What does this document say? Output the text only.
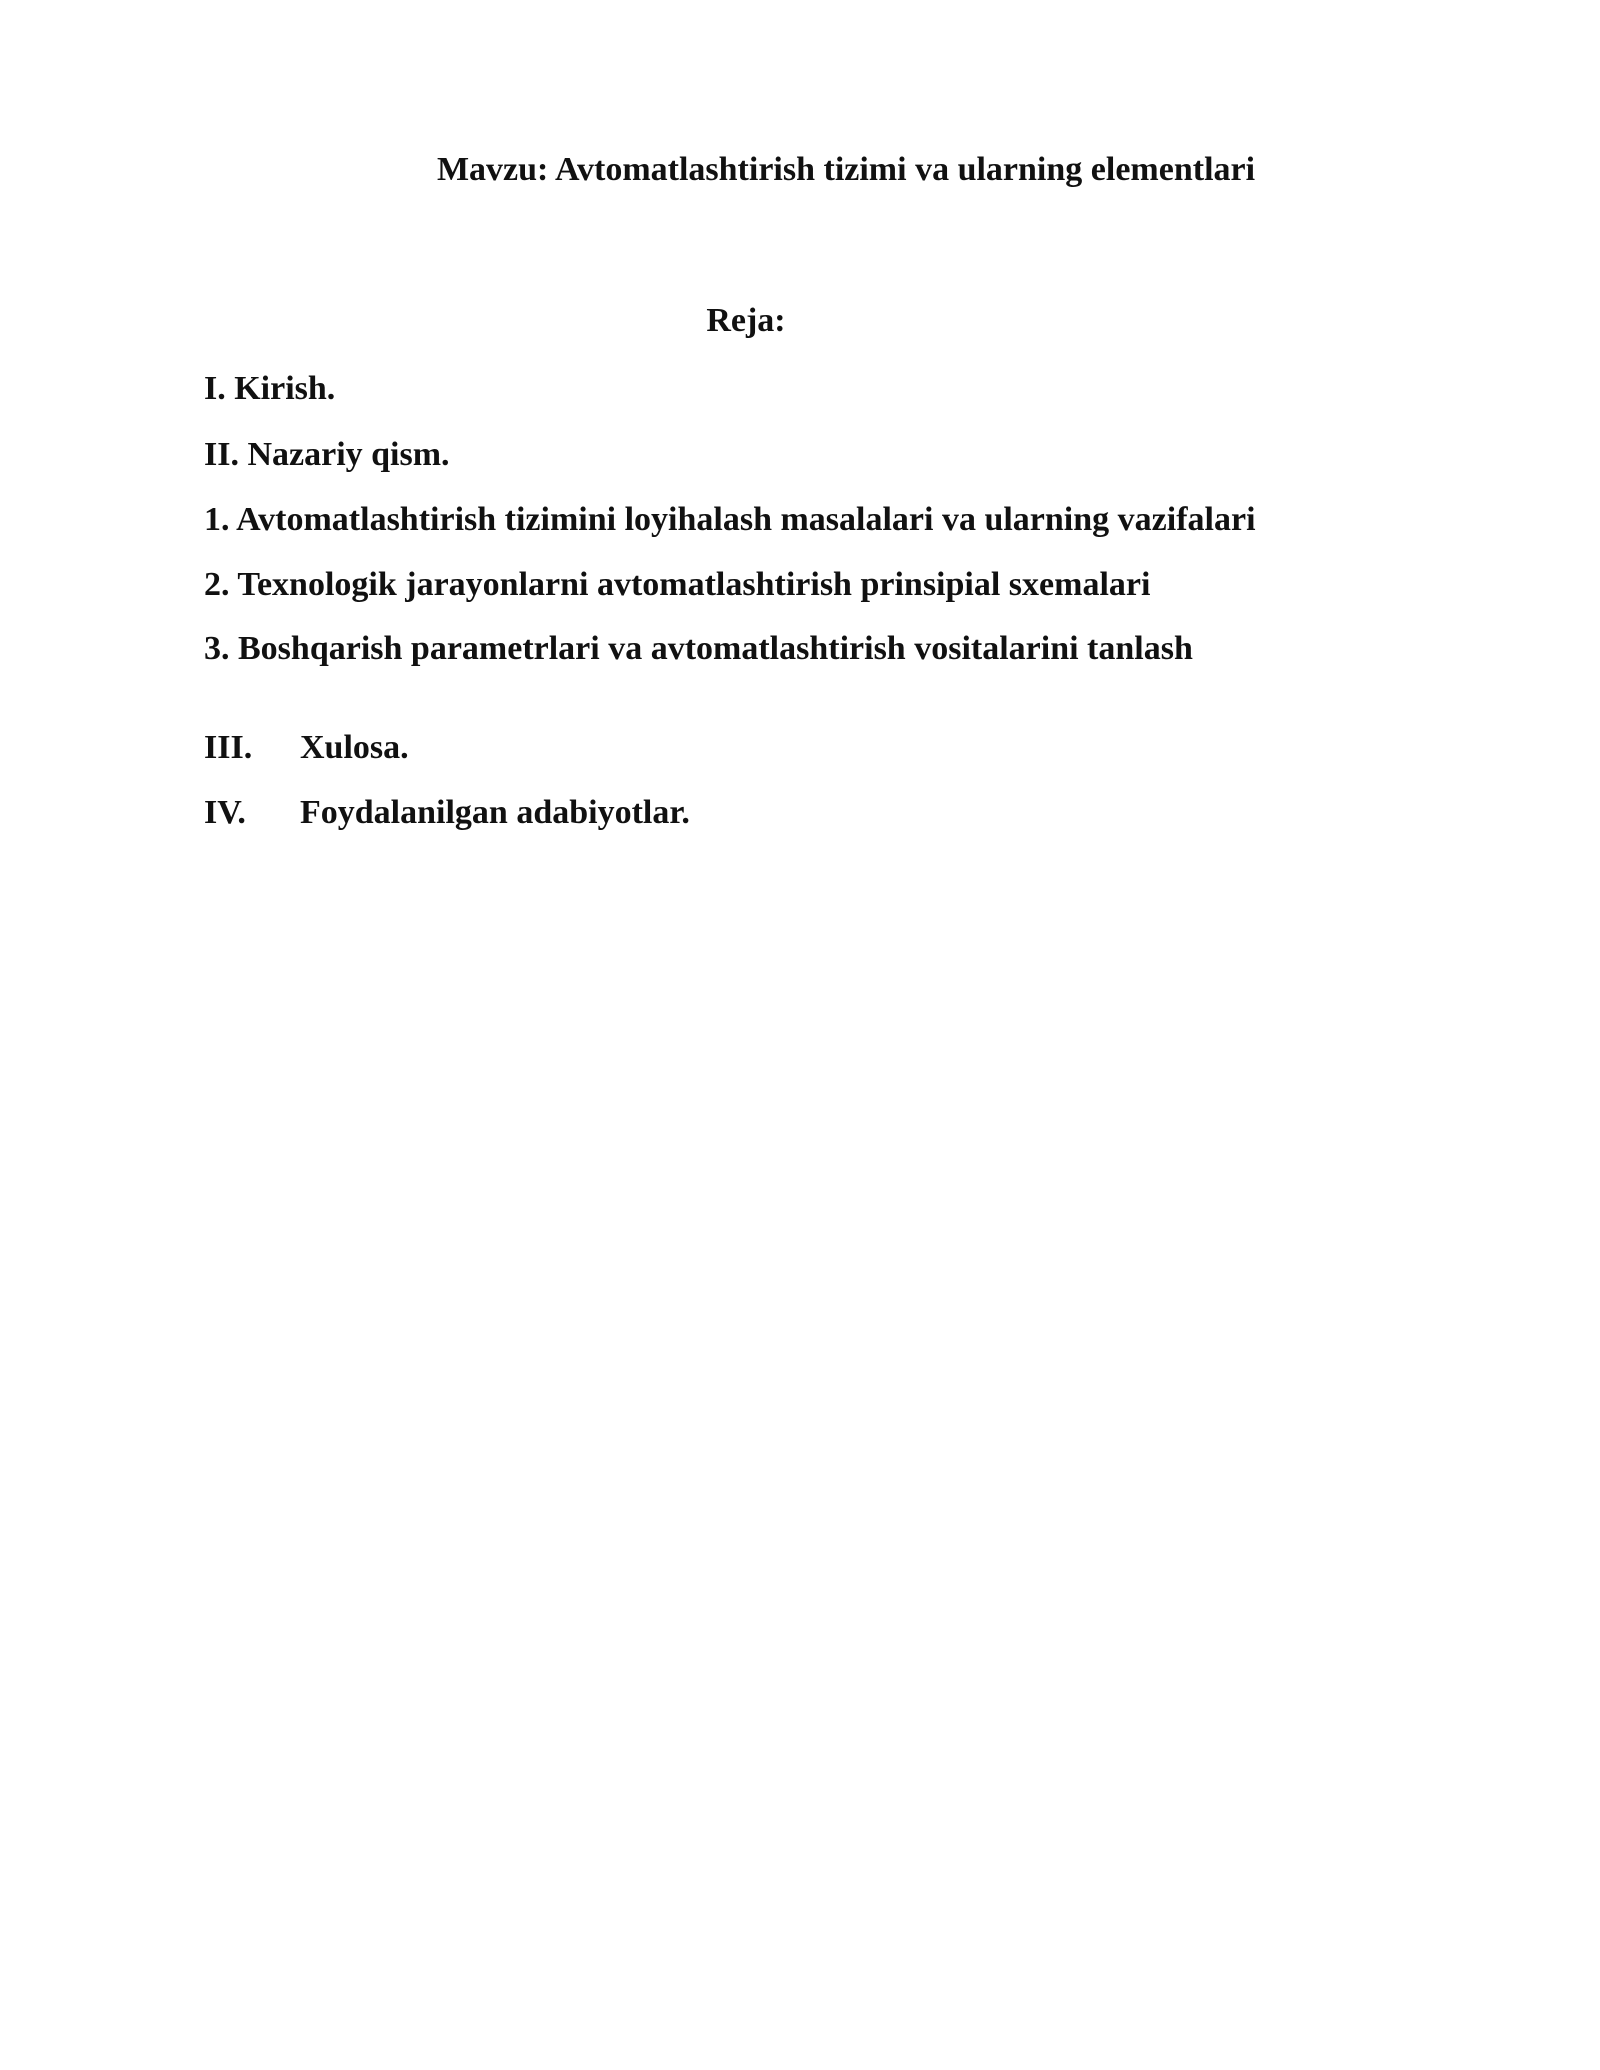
Mavzu: Avtomatlashtirish tizimi va ularning elementlari
Reja:
I. Kirish.
II. Nazariy qism.
1. Avtomatlashtirish tizimini loyihalash masalalari va ularning vazifalari
2. Texnologik jarayonlarni avtomatlashtirish prinsipial sxemalari
3. Boshqarish parametrlari va avtomatlashtirish vositalarini tanlash
III. Xulosa.
IV. Foydalanilgan adabiyotlar.
